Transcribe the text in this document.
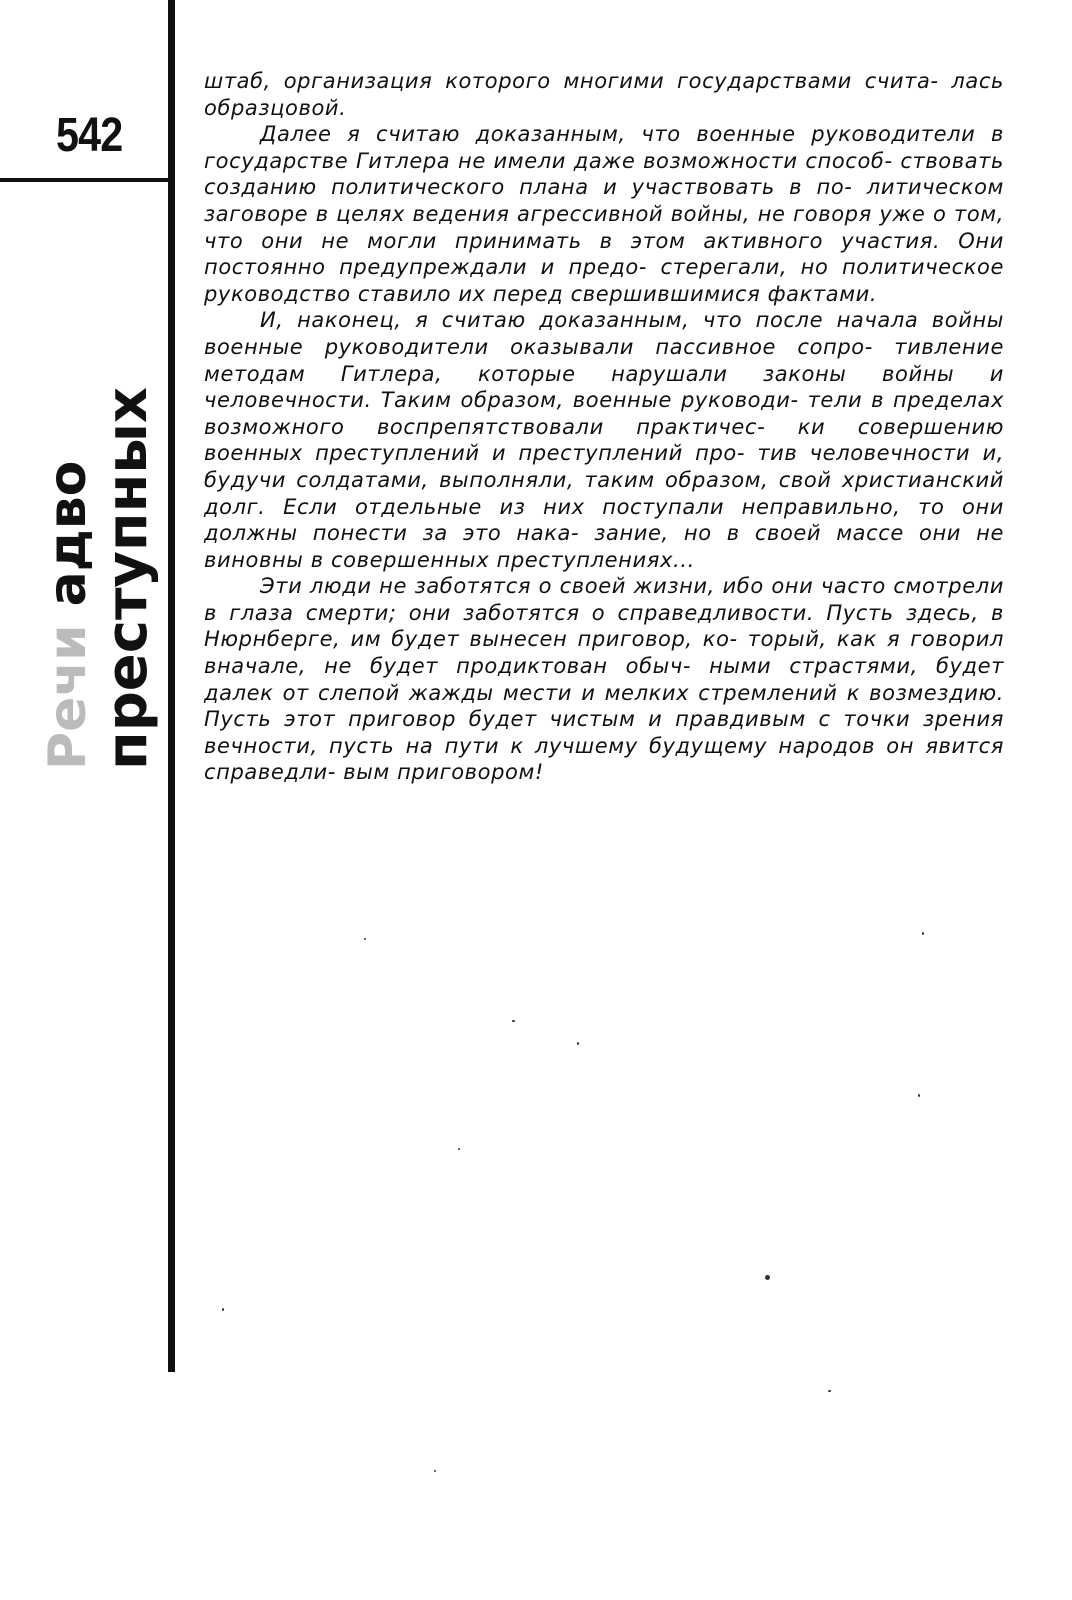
542
Речи адво
преступных

штаб, организация которого многими государствами счита- лась образцовой.

Далее я считаю доказанным, что военные руководители в государстве Гитлера не имели даже возможности способ- ствовать созданию политического плана и участвовать в по- литическом заговоре в целях ведения агрессивной войны, не говоря уже о том, что они не могли принимать в этом активного участия. Они постоянно предупреждали и предо- стерегали, но политическое руководство ставило их перед свершившимися фактами.

И, наконец, я считаю доказанным, что после начала войны военные руководители оказывали пассивное сопро- тивление методам Гитлера, которые нарушали законы войны и человечности. Таким образом, военные руководи- тели в пределах возможного воспрепятствовали практичес- ки совершению военных преступлений и преступлений про- тив человечности и, будучи солдатами, выполняли, таким образом, свой христианский долг. Если отдельные из них поступали неправильно, то они должны понести за это нака- зание, но в своей массе они не виновны в совершенных преступлениях...

Эти люди не заботятся о своей жизни, ибо они часто смотрели в глаза смерти; они заботятся о справедливости. Пусть здесь, в Нюрнберге, им будет вынесен приговор, ко- торый, как я говорил вначале, не будет продиктован обыч- ными страстями, будет далек от слепой жажды мести и мелких стремлений к возмездию. Пусть этот приговор будет чистым и правдивым с точки зрения вечности, пусть на пути к лучшему будущему народов он явится справедли- вым приговором!
